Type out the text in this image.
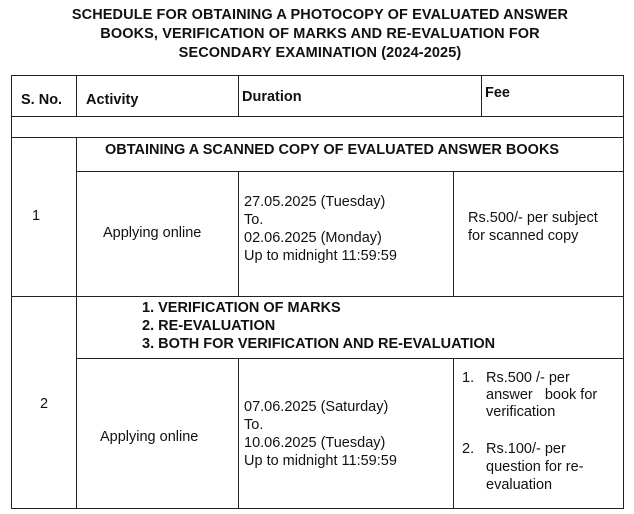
SCHEDULE FOR OBTAINING A PHOTOCOPY OF EVALUATED ANSWER
BOOKS, VERIFICATION OF MARKS AND RE-EVALUATION FOR
SECONDARY EXAMINATION (2024-2025)
S. No. Activity	Duration	Fee
1
OBTAINING A SCANNED COPY OF EVALUATED ANSWER BOOKS
Applying online
27.05.2025 (Tuesday)
To.
02.06.2025 (Monday)
Up to midnight 11:59:59
Rs.500/- per subject
for scanned copy
2
1. VERIFICATION OF MARKS
2. RE-EVALUATION
3. BOTH FOR VERIFICATION AND RE-EVALUATION
Applying online
07.06.2025 (Saturday)
To.
10.06.2025 (Tuesday)
Up to midnight 11:59:59
1. Rs.500 /- per
answer   book for
verification
2. Rs.100/- per
question for re-
evaluation
